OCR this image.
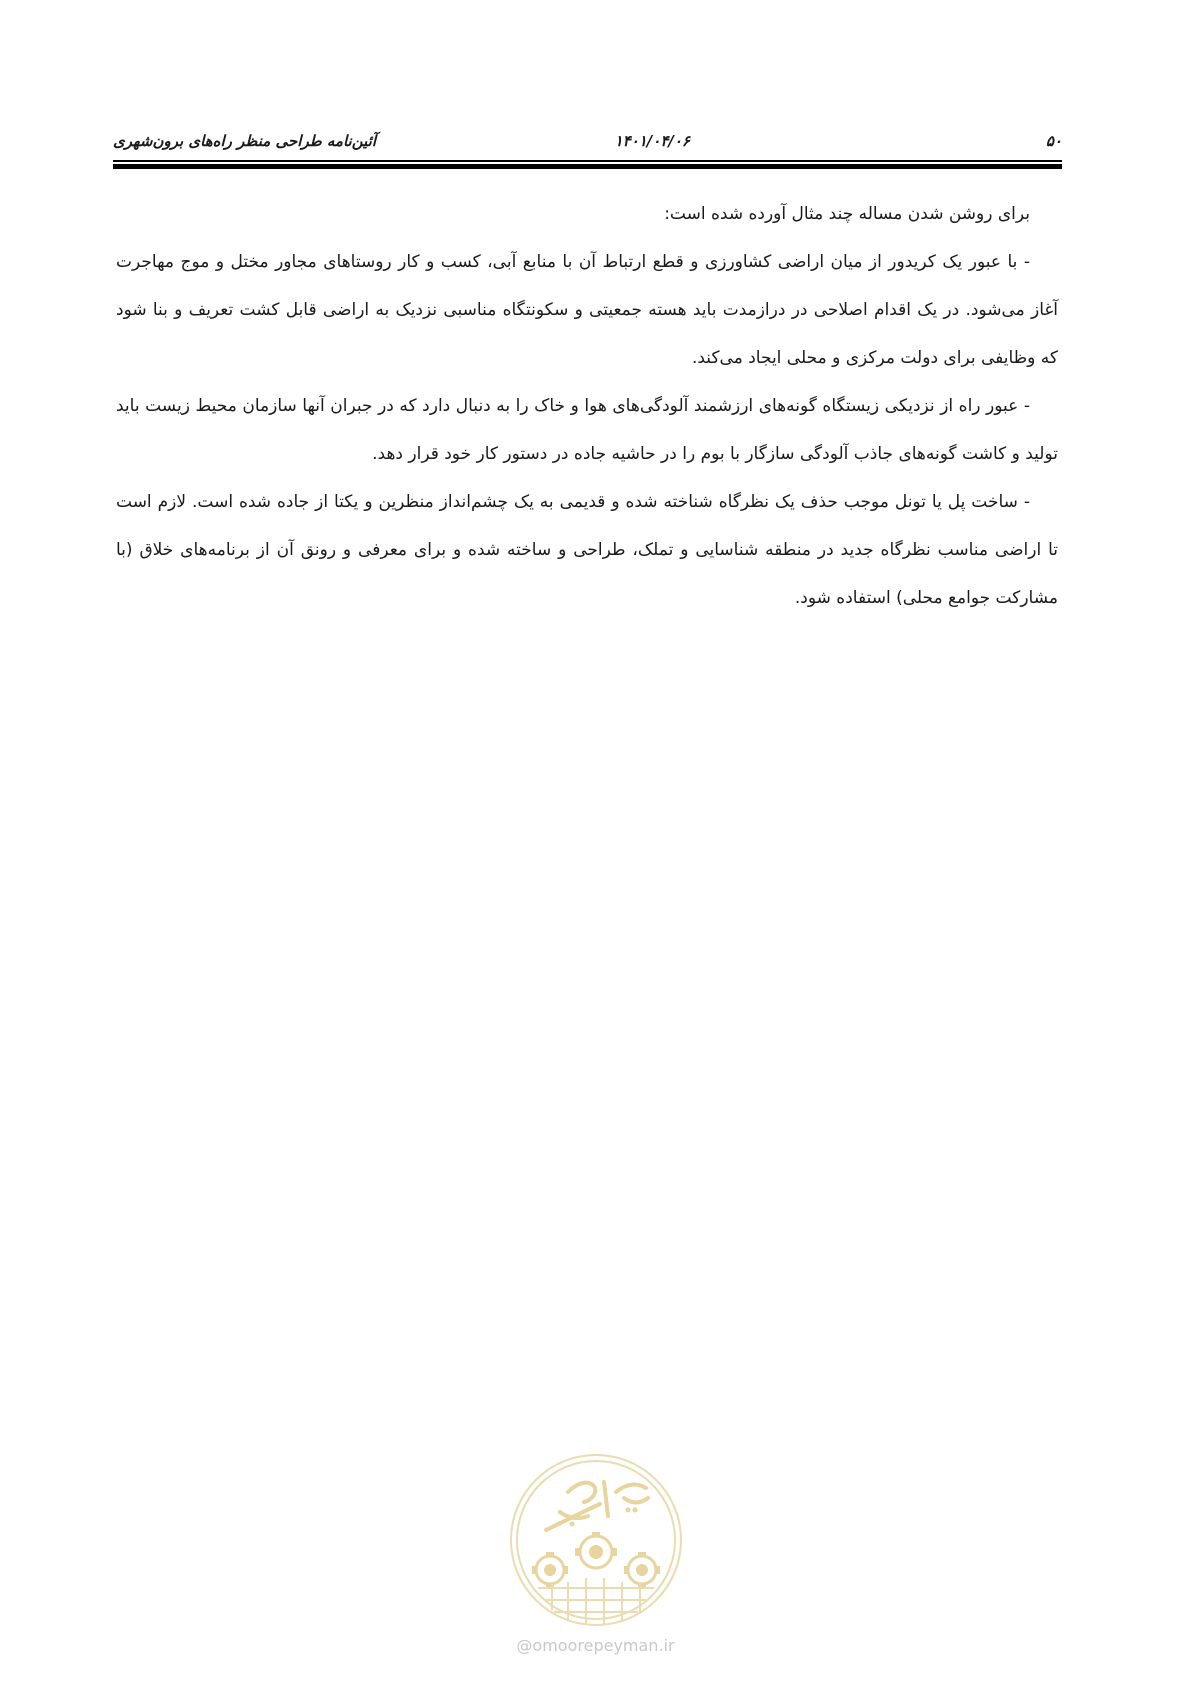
۵۰
۱۴۰۱/۰۴/۰۶
آئین‌نامه طراحی منظر راه‌های برون‌شهری

برای روشن شدن مساله چند مثال آورده شده است:

- با عبور یک کریدور از میان اراضی کشاورزی و قطع ارتباط آن با منابع آبی، کسب و کار روستاهای مجاور مختل و موج مهاجرت آغاز می‌شود. در یک اقدام اصلاحی در درازمدت باید هسته جمعیتی و سکونتگاه مناسبی نزدیک به اراضی قابل کشت تعریف و بنا شود که وظایفی برای دولت مرکزی و محلی ایجاد می‌کند.

- عبور راه از نزدیکی زیستگاه گونه‌های ارزشمند آلودگی‌های هوا و خاک را به دنبال دارد که در جبران آنها سازمان محیط زیست باید تولید و کاشت گونه‌های جاذب آلودگی سازگار با بوم را در حاشیه جاده در دستور کار خود قرار دهد.

- ساخت پل یا تونل موجب حذف یک نظرگاه شناخته شده و قدیمی به یک چشم‌انداز منظرین و یکتا از جاده شده است. لازم است تا اراضی مناسب نظرگاه جدید در منطقه شناسایی و تملک، طراحی و ساخته شده و برای معرفی و رونق آن از برنامه‌های خلاق (با مشارکت جوامع محلی) استفاده شود.

@omoorepeyman.ir
